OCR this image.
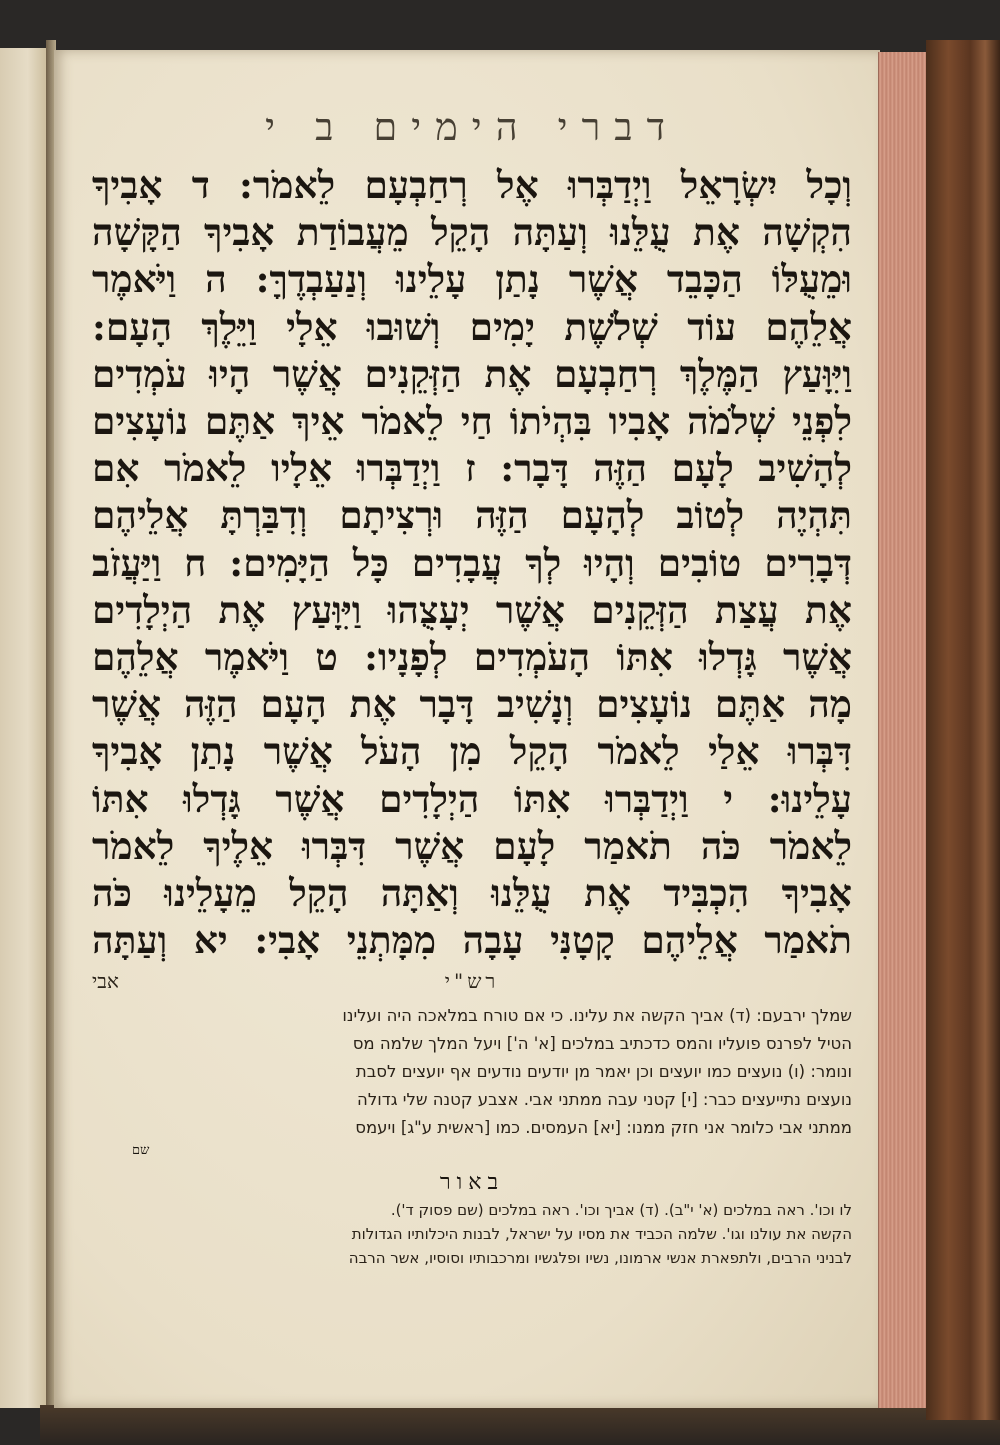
דברי הימים ב י
וְכָל יִשְׂרָאֵל וַיְדַבְּרוּ אֶל רְחַבְעָם לֵאמֹר: ד אָבִיךָ
הִקְשָׁה אֶת עֻלֵּנוּ וְעַתָּה הָקֵל מֵעֲבוֹדַת אָבִיךָ הַקָּשָׁה
וּמֵעֻלּוֹ הַכָּבֵד אֲשֶׁר נָתַן עָלֵינוּ וְנַעַבְדֶךָּ: ה וַיֹּאמֶר
אֲלֵהֶם עוֹד שְׁלֹשֶׁת יָמִים וְשׁוּבוּ אֵלָי וַיֵּלֶךְ הָעָם:
וַיִּוָּעַץ הַמֶּלֶךְ רְחַבְעָם אֶת הַזְּקֵנִים אֲשֶׁר הָיוּ עֹמְדִים
לִפְנֵי שְׁלֹמֹה אָבִיו בִּהְיֹתוֹ חַי לֵאמֹר אֵיךְ אַתֶּם נוֹעָצִים
לְהָשִׁיב לָעָם הַזֶּה דָּבָר: ז וַיְדַבְּרוּ אֵלָיו לֵאמֹר אִם
תִּהְיֶה לְטוֹב לְהָעָם הַזֶּה וּרְצִיתָם וְדִבַּרְתָּ אֲלֵיהֶם
דְּבָרִים טוֹבִים וְהָיוּ לְךָ עֲבָדִים כָּל הַיָּמִים: ח וַיַּעֲזֹב
אֶת עֲצַת הַזְּקֵנִים אֲשֶׁר יְעָצֻהוּ וַיִּוָּעַץ אֶת הַיְלָדִים
אֲשֶׁר גָּדְלוּ אִתּוֹ הָעֹמְדִים לְפָנָיו: ט וַיֹּאמֶר אֲלֵהֶם
מָה אַתֶּם נוֹעָצִים וְנָשִׁיב דָּבָר אֶת הָעָם הַזֶּה אֲשֶׁר
דִּבְּרוּ אֵלַי לֵאמֹר הָקֵל מִן הָעֹל אֲשֶׁר נָתַן אָבִיךָ
עָלֵינוּ: י וַיְדַבְּרוּ אִתּוֹ הַיְלָדִים אֲשֶׁר גָּדְלוּ אִתּוֹ
לֵאמֹר כֹּה תֹאמַר לָעָם אֲשֶׁר דִּבְּרוּ אֵלֶיךָ לֵאמֹר
אָבִיךָ הִכְבִּיד אֶת עֻלֵּנוּ וְאַתָּה הָקֵל מֵעָלֵינוּ כֹּה
תֹאמַר אֲלֵיהֶם קָטָנִּי עָבָה מִמָּתְנֵי אָבִי: יא וְעַתָּה
רש"י
אבי
שמלך ירבעם: (ד) אביך הקשה את עלינו. כי אם טורח במלאכה היה ועלינו
הטיל לפרנס פועליו והמס כדכתיב במלכים [א' ה'] ויעל המלך שלמה מס
ונומר: (ו) נועצים כמו יועצים וכן יאמר מן יודעים נודעים אף יועצים לסבת
נועצים נתייעצים כבר: [י] קטני עבה ממתני אבי. אצבע קטנה שלי גדולה
ממתני אבי כלומר אני חזק ממנו: [יא] העמסים. כמו [ראשית ע"ג] ויעמס
שם
באור
לו וכו'. ראה במלכים (א' י"ב). (ד) אביך וכו'. ראה במלכים (שם פסוק ד').
הקשה את עולנו וגו'. שלמה הכביד את מסיו על ישראל, לבנות היכלותיו הגדולות
לבניני הרבים, ולתפארת אנשי ארמונו, נשיו ופלגשיו ומרכבותיו וסוסיו, אשר הרבה
